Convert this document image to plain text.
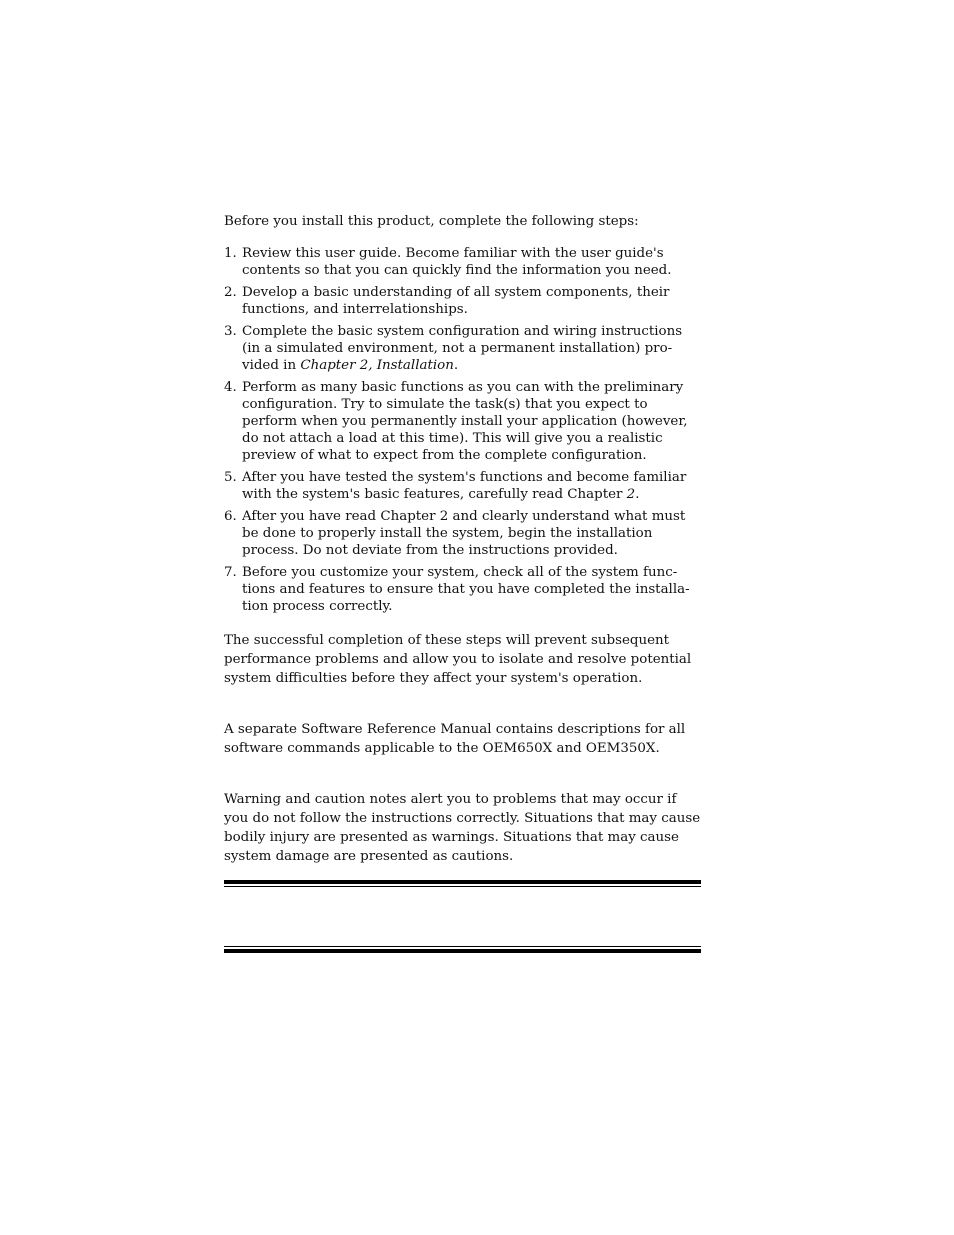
Before you install this product, complete the following steps:

1. Review this user guide. Become familiar with the user guide's contents so that you can quickly find the information you need.
2. Develop a basic understanding of all system components, their functions, and interrelationships.
3. Complete the basic system configuration and wiring instructions (in a simulated environment, not a permanent installation) pro-vided in Chapter 2, Installation.
4. Perform as many basic functions as you can with the preliminary configuration. Try to simulate the task(s) that you expect to perform when you permanently install your application (however, do not attach a load at this time). This will give you a realistic preview of what to expect from the complete configuration.
5. After you have tested the system's functions and become familiar with the system's basic features, carefully read Chapter 2.
6. After you have read Chapter 2 and clearly understand what must be done to properly install the system, begin the installation process. Do not deviate from the instructions provided.
7. Before you customize your system, check all of the system func-tions and features to ensure that you have completed the installa-tion process correctly.

The successful completion of these steps will prevent subsequent performance problems and allow you to isolate and resolve potential system difficulties before they affect your system's operation.

A separate Software Reference Manual contains descriptions for all software commands applicable to the OEM650X and OEM350X.

Warning and caution notes alert you to problems that may occur if you do not follow the instructions correctly. Situations that may cause bodily injury are presented as warnings. Situations that may cause system damage are presented as cautions.
